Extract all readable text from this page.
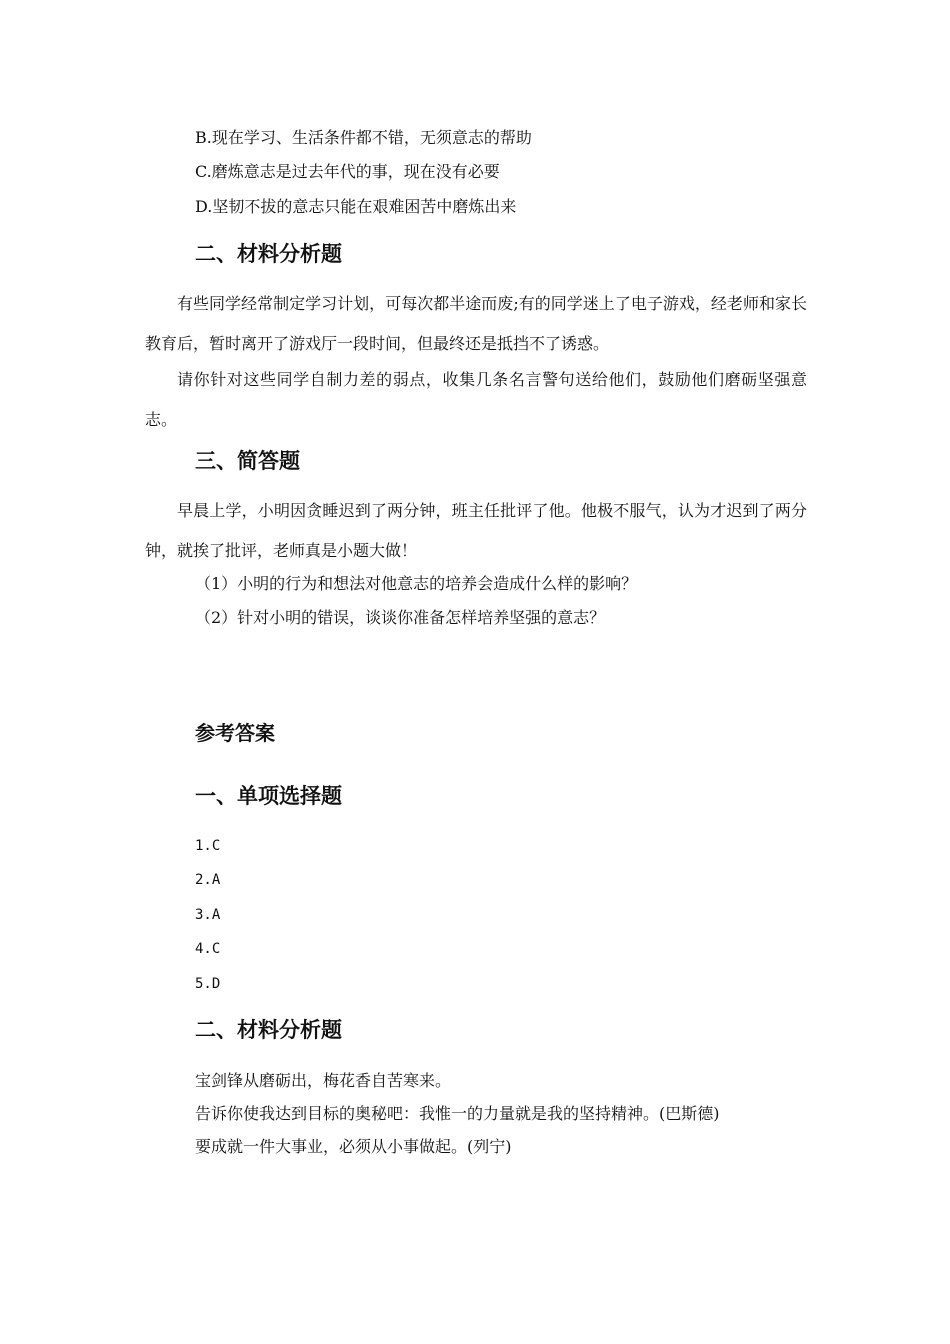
B.现在学习、生活条件都不错，无须意志的帮助
C.磨炼意志是过去年代的事，现在没有必要
D.坚韧不拔的意志只能在艰难困苦中磨炼出来
二、材料分析题
有些同学经常制定学习计划，可每次都半途而废;有的同学迷上了电子游戏，经老师和家长教育后，暂时离开了游戏厅一段时间，但最终还是抵挡不了诱惑。
请你针对这些同学自制力差的弱点，收集几条名言警句送给他们，鼓励他们磨砺坚强意志。
三、简答题
早晨上学，小明因贪睡迟到了两分钟，班主任批评了他。他极不服气，认为才迟到了两分钟，就挨了批评，老师真是小题大做！
（1）小明的行为和想法对他意志的培养会造成什么样的影响？
（2）针对小明的错误，谈谈你准备怎样培养坚强的意志？
参考答案
一、单项选择题
1.C
2.A
3.A
4.C
5.D
二、材料分析题
宝剑锋从磨砺出，梅花香自苦寒来。
告诉你使我达到目标的奥秘吧：我惟一的力量就是我的坚持精神。(巴斯德)
要成就一件大事业，必须从小事做起。(列宁)
